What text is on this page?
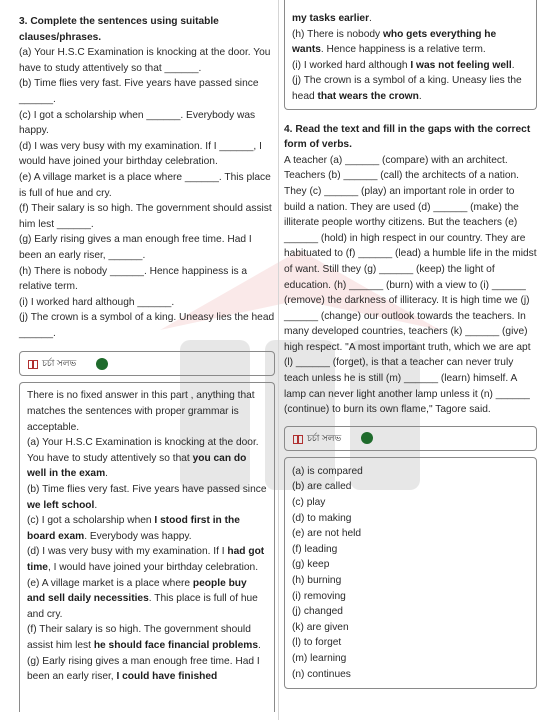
3. Complete the sentences using suitable clauses/phrases.
(a) Your H.S.C Examination is knocking at the door. You have to study attentively so that ______.
(b) Time flies very fast. Five years have passed since ______.
(c) I got a scholarship when ______. Everybody was happy.
(d) I was very busy with my examination. If I ______, I would have joined your birthday celebration.
(e) A village market is a place where ______. This place is full of hue and cry.
(f) Their salary is so high. The government should assist him lest ______.
(g) Early rising gives a man enough free time. Had I been an early riser, ______.
(h) There is nobody ______. Hence happiness is a relative term.
(i) I worked hard although ______.
(j) The crown is a symbol of a king. Uneasy lies the head ______.
চর্চা সলভ
There is no fixed answer in this part , anything that matches the sentences with proper grammar is acceptable.
(a) Your H.S.C Examination is knocking at the door. You have to study attentively so that you can do well in the exam.
(b) Time flies very fast. Five years have passed since we left school.
(c) I got a scholarship when I stood first in the board exam. Everybody was happy.
(d) I was very busy with my examination. If I had got time, I would have joined your birthday celebration.
(e) A village market is a place where people buy and sell daily necessities. This place is full of hue and cry.
(f) Their salary is so high. The government should assist him lest he should face financial problems.
(g) Early rising gives a man enough free time. Had I been an early riser, I could have finished
my tasks earlier.
(h) There is nobody who gets everything he wants. Hence happiness is a relative term.
(i) I worked hard although I was not feeling well.
(j) The crown is a symbol of a king. Uneasy lies the head that wears the crown.
4. Read the text and fill in the gaps with the correct form of verbs.
A teacher (a) ______ (compare) with an architect. Teachers (b) ______ (call) the architects of a nation. They (c) ______ (play) an important role in order to build a nation. They are used (d) ______ (make) the illiterate people worthy citizens. But the teachers (e) ______ (hold) in high respect in our country. They are habituated to (f) ______ (lead) a humble life in the midst of want. Still they (g) ______ (keep) the light of education. (h) ______ (burn) with a view to (i) ______ (remove) the darkness of illiteracy. It is high time we (j) ______ (change) our outlook towards the teachers. In many developed countries, teachers (k) ______ (give) high respect. "A most important truth, which we are apt (l) ______ (forget), is that a teacher can never truly teach unless he is still (m) ______ (learn) himself. A lamp can never light another lamp unless it (n) ______ (continue) to burn its own flame," Tagore said.
চর্চা সলভ
(a) is compared
(b) are called
(c) play
(d) to making
(e) are not held
(f) leading
(g) keep
(h) burning
(i) removing
(j) changed
(k) are given
(l) to forget
(m) learning
(n) continues
